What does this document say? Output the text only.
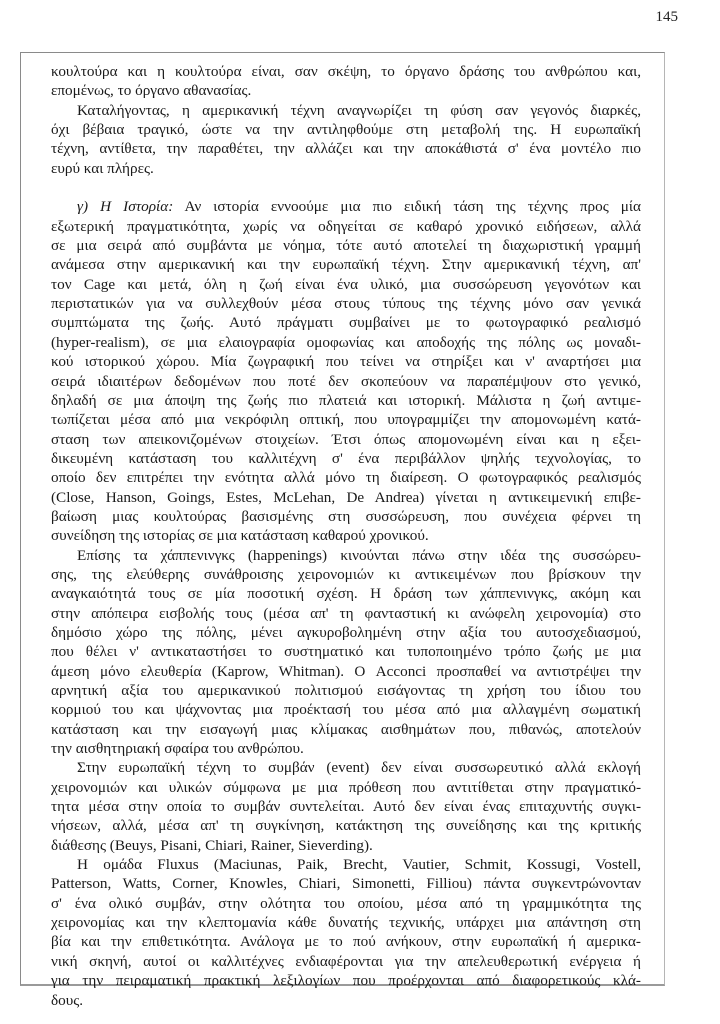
145
κουλτούρα και η κουλτούρα είναι, σαν σκέψη, το όργανο δράσης του ανθρώπου και,
επομένως, το όργανο αθανασίας.
Καταλήγοντας, η αμερικανική τέχνη αναγνωρίζει τη φύση σαν γεγονός διαρκές,
όχι βέβαια τραγικό, ώστε να την αντιληφθούμε στη μεταβολή της. Η ευρωπαϊκή
τέχνη, αντίθετα, την παραθέτει, την αλλάζει και την αποκάθιστά σ' ένα μοντέλο πιο
ευρύ και πλήρες.
γ) Η Ιστορία: Αν ιστορία εννοούμε μια πιο ειδική τάση της τέχνης προς μία
εξωτερική πραγματικότητα, χωρίς να οδηγείται σε καθαρό χρονικό ειδήσεων, αλλά
σε μια σειρά από συμβάντα με νόημα, τότε αυτό αποτελεί τη διαχωριστική γραμμή
ανάμεσα στην αμερικανική και την ευρωπαϊκή τέχνη. Στην αμερικανική τέχνη, απ'
τον Cage και μετά, όλη η ζωή είναι ένα υλικό, μια συσσώρευση γεγονότων και
περιστατικών για να συλλεχθούν μέσα στους τύπους της τέχνης μόνο σαν γενικά
συμπτώματα της ζωής. Αυτό πράγματι συμβαίνει με το φωτογραφικό ρεαλισμό
(hyper-realism), σε μια ελαιογραφία ομοφωνίας και αποδοχής της πόλης ως μοναδι-
κού ιστορικού χώρου. Μία ζωγραφική που τείνει να στηρίξει και ν' αναρτήσει μια
σειρά ιδιαιτέρων δεδομένων που ποτέ δεν σκοπεύουν να παραπέμψουν στο γενικό,
δηλαδή σε μια άποψη της ζωής πιο πλατειά και ιστορική. Μάλιστα η ζωή αντιμε-
τωπίζεται μέσα από μια νεκρόφιλη οπτική, που υπογραμμίζει την απομονωμένη κατά-
σταση των απεικονιζομένων στοιχείων. Έτσι όπως απομονωμένη είναι και η εξει-
δικευμένη κατάσταση του καλλιτέχνη σ' ένα περιβάλλον ψηλής τεχνολογίας, το
οποίο δεν επιτρέπει την ενότητα αλλά μόνο τη διαίρεση. Ο φωτογραφικός ρεαλισμός
(Close, Hanson, Goings, Estes, McLehan, De Andrea) γίνεται η αντικειμενική επιβε-
βαίωση μιας κουλτούρας βασισμένης στη συσσώρευση, που συνέχεια φέρνει τη
συνείδηση της ιστορίας σε μια κατάσταση καθαρού χρονικού.
Επίσης τα χάππενινγκς (happenings) κινούνται πάνω στην ιδέα της συσσώρευ-
σης, της ελεύθερης συνάθροισης χειρονομιών κι αντικειμένων που βρίσκουν την
αναγκαιότητά τους σε μία ποσοτική σχέση. Η δράση των χάππενινγκς, ακόμη και
στην απόπειρα εισβολής τους (μέσα απ' τη φανταστική κι ανώφελη χειρονομία) στο
δημόσιο χώρο της πόλης, μένει αγκυροβολημένη στην αξία του αυτοσχεδιασμού,
που θέλει ν' αντικαταστήσει το συστηματικό και τυποποιημένο τρόπο ζωής με μια
άμεση μόνο ελευθερία (Kaprow, Whitman). Ο Acconci προσπαθεί να αντιστρέψει την
αρνητική αξία του αμερικανικού πολιτισμού εισάγοντας τη χρήση του ίδιου του
κορμιού του και ψάχνοντας μια προέκτασή του μέσα από μια αλλαγμένη σωματική
κατάσταση και την εισαγωγή μιας κλίμακας αισθημάτων που, πιθανώς, αποτελούν
την αισθητηριακή σφαίρα του ανθρώπου.
Στην ευρωπαϊκή τέχνη το συμβάν (event) δεν είναι συσσωρευτικό αλλά εκλογή
χειρονομιών και υλικών σύμφωνα με μια πρόθεση που αντιτίθεται στην πραγματικό-
τητα μέσα στην οποία το συμβάν συντελείται. Αυτό δεν είναι ένας επιταχυντής συγκι-
νήσεων, αλλά, μέσα απ' τη συγκίνηση, κατάκτηση της συνείδησης και της κριτικής
διάθεσης (Beuys, Pisani, Chiari, Rainer, Sieverding).
Η ομάδα Fluxus (Maciunas, Paik, Brecht, Vautier, Schmit, Kossugi, Vostell,
Patterson, Watts, Corner, Knowles, Chiari, Simonetti, Filliou) πάντα συγκεντρώνονταν
σ' ένα ολικό συμβάν, στην ολότητα του οποίου, μέσα από τη γραμμικότητα της
χειρονομίας και την κλεπτομανία κάθε δυνατής τεχνικής, υπάρχει μια απάντηση στη
βία και την επιθετικότητα. Ανάλογα με το πού ανήκουν, στην ευρωπαϊκή ή αμερικα-
νική σκηνή, αυτοί οι καλλιτέχνες ενδιαφέρονται για την απελευθερωτική ενέργεια ή
για την πειραματική πρακτική λεξιλογίων που προέρχονται από διαφορετικούς κλά-
δους.
